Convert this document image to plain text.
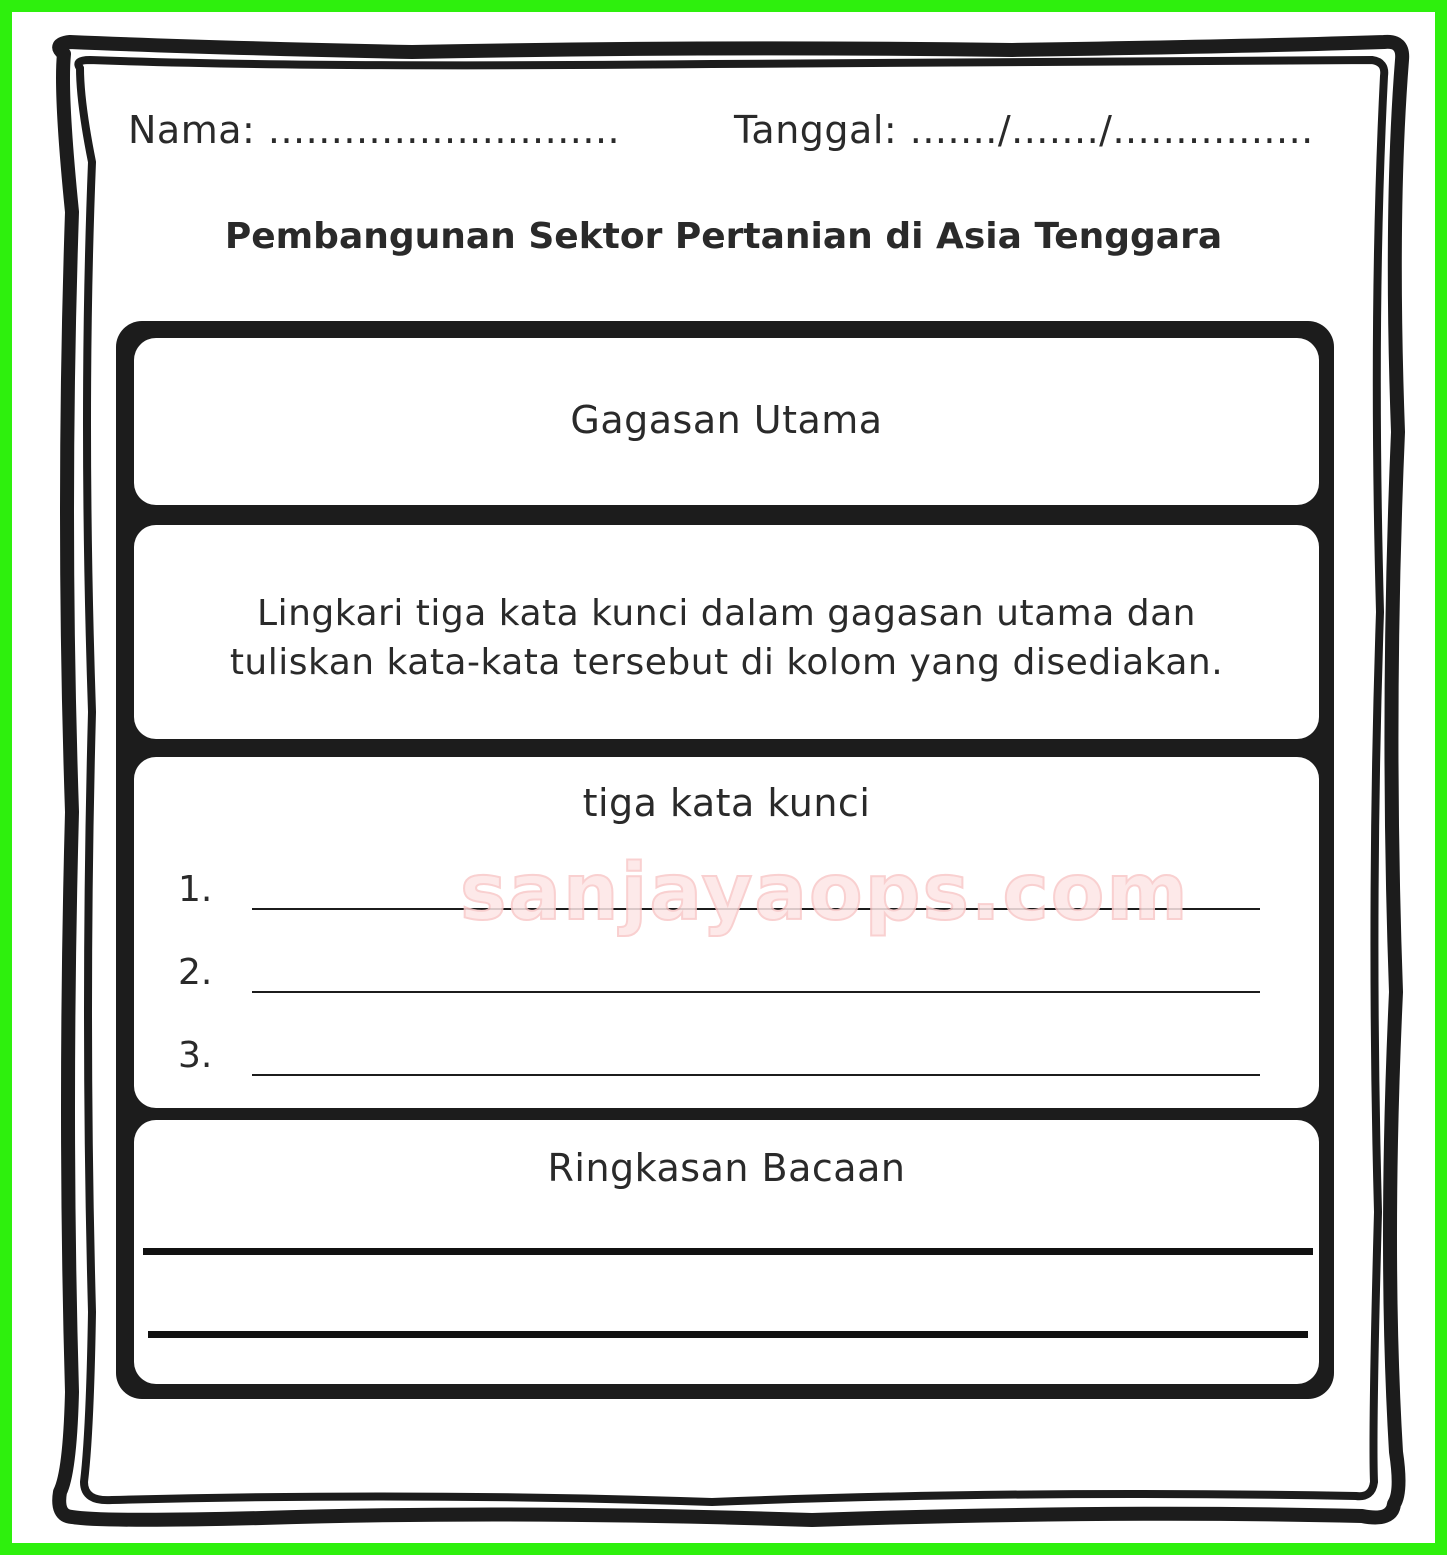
Nama: ............................	Tanggal: ......./......./................
Pembangunan Sektor Pertanian di Asia Tenggara
Gagasan Utama
Lingkari tiga kata kunci dalam gagasan utama dan
tuliskan kata-kata tersebut di kolom yang disediakan.
tiga kata kunci
1.
2.
3.
Ringkasan Bacaan
sanjayaops.com
